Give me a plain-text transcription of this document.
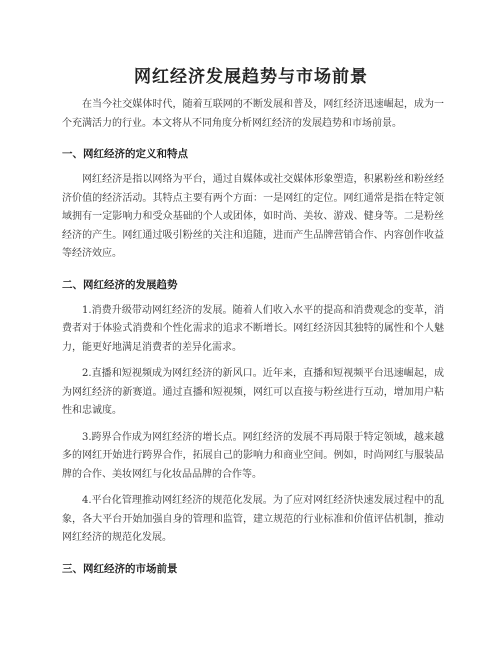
网红经济发展趋势与市场前景

在当今社交媒体时代，随着互联网的不断发展和普及，网红经济迅速崛起，成为一个充满活力的行业。本文将从不同角度分析网红经济的发展趋势和市场前景。

一、网红经济的定义和特点

网红经济是指以网络为平台，通过自媒体或社交媒体形象塑造，积累粉丝和粉丝经济价值的经济活动。其特点主要有两个方面：一是网红的定位。网红通常是指在特定领域拥有一定影响力和受众基础的个人或团体，如时尚、美妆、游戏、健身等。二是粉丝经济的产生。网红通过吸引粉丝的关注和追随，进而产生品牌营销合作、内容创作收益等经济效应。

二、网红经济的发展趋势

1.消费升级带动网红经济的发展。随着人们收入水平的提高和消费观念的变革，消费者对于体验式消费和个性化需求的追求不断增长。网红经济因其独特的属性和个人魅力，能更好地满足消费者的差异化需求。

2.直播和短视频成为网红经济的新风口。近年来，直播和短视频平台迅速崛起，成为网红经济的新赛道。通过直播和短视频，网红可以直接与粉丝进行互动，增加用户粘性和忠诚度。

3.跨界合作成为网红经济的增长点。网红经济的发展不再局限于特定领域，越来越多的网红开始进行跨界合作，拓展自己的影响力和商业空间。例如，时尚网红与服装品牌的合作、美妆网红与化妆品品牌的合作等。

4.平台化管理推动网红经济的规范化发展。为了应对网红经济快速发展过程中的乱象，各大平台开始加强自身的管理和监管，建立规范的行业标准和价值评估机制，推动网红经济的规范化发展。

三、网红经济的市场前景
